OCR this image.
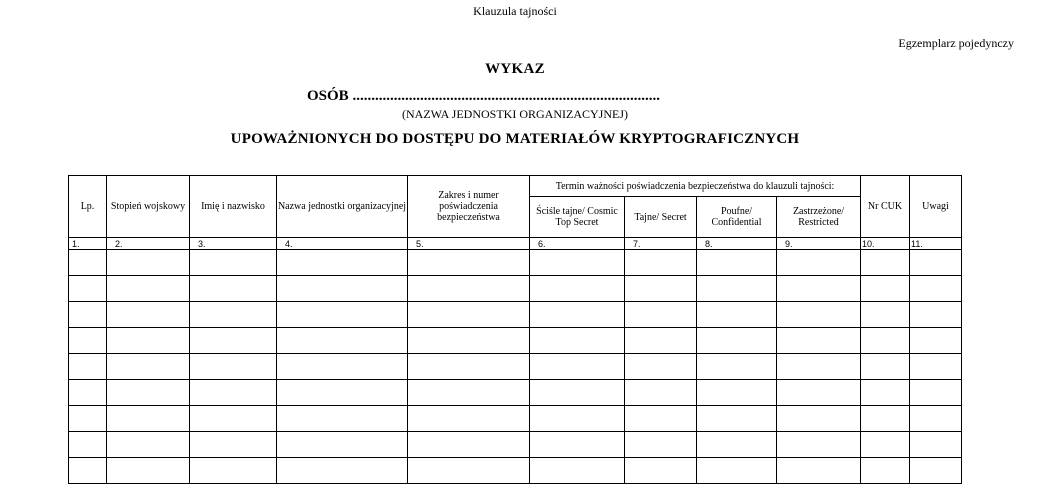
Klauzula tajności
Egzemplarz pojedynczy
WYKAZ
OSÓB ..................................................................................
(NAZWA JEDNOSTKI ORGANIZACYJNEJ)
UPOWAŻNIONYCH DO DOSTĘPU DO MATERIAŁÓW KRYPTOGRAFICZNYCH
Lp.	Stopień wojskowy	Imię i nazwisko	Nazwa jednostki organizacyjnej	Zakres i numer poświadczenia bezpieczeństwa	Termin ważności poświadczenia bezpieczeństwa do klauzuli tajności:				Nr CUK	Uwagi
					Ściśle tajne/ Cosmic Top Secret	Tajne/ Secret	Poufne/ Confidential	Zastrzeżone/ Restricted		
1.	2.	3.	4.	5.	6.	7.	8.	9.	10.	11.
